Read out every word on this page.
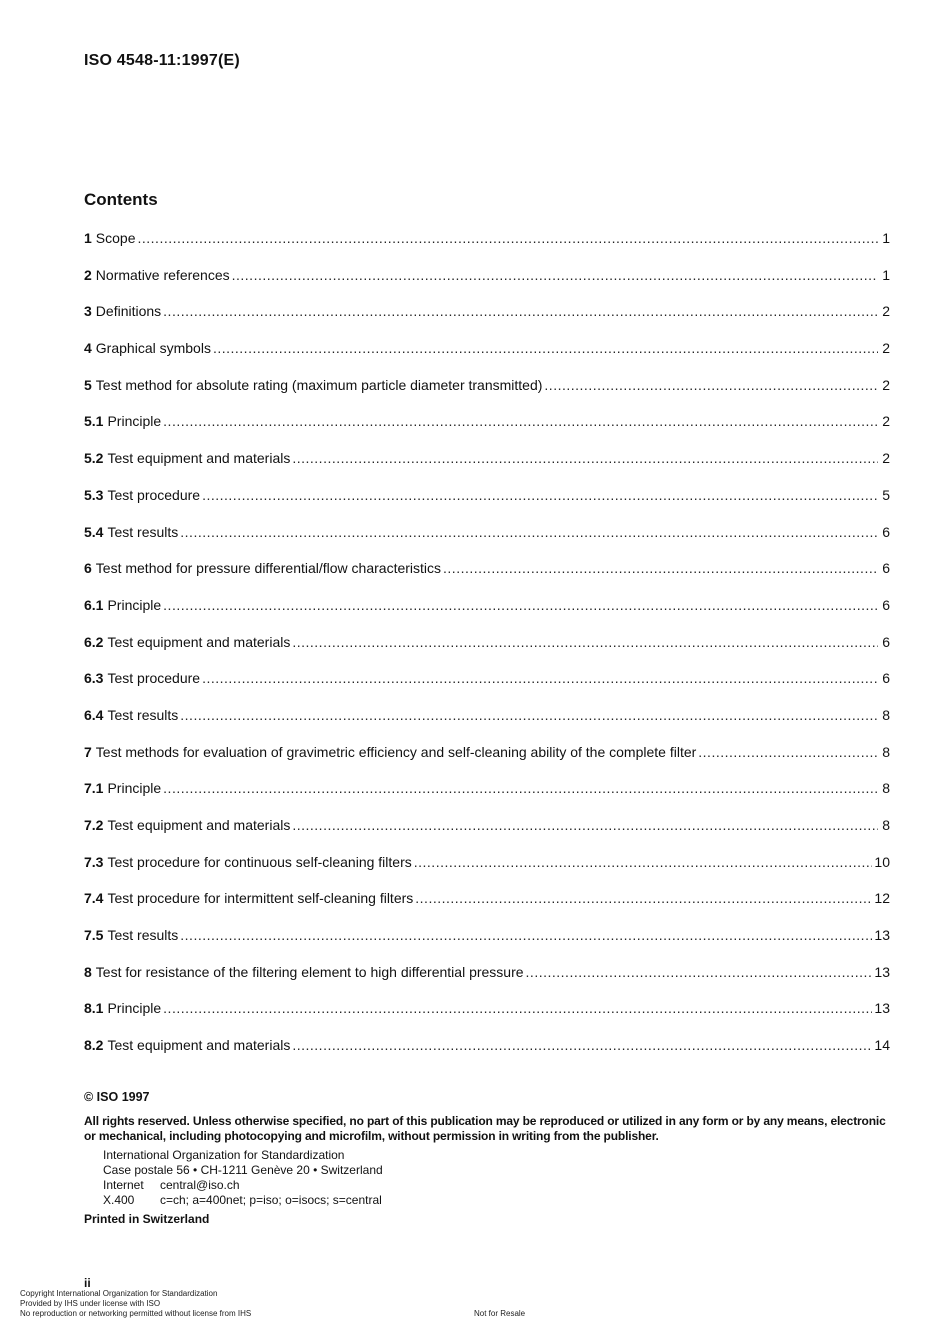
ISO 4548-11:1997(E)
Contents
1 Scope .....	1
2 Normative references .....	1
3 Definitions .....	2
4 Graphical symbols .....	2
5 Test method for absolute rating (maximum particle diameter transmitted) .....	2
5.1 Principle .....	2
5.2 Test equipment and materials .....	2
5.3 Test procedure .....	5
5.4 Test results .....	6
6 Test method for pressure differential/flow characteristics .....	6
6.1 Principle .....	6
6.2 Test equipment and materials .....	6
6.3 Test procedure .....	6
6.4 Test results .....	8
7 Test methods for evaluation of gravimetric efficiency and self-cleaning ability of the complete filter .....	8
7.1 Principle .....	8
7.2 Test equipment and materials .....	8
7.3 Test procedure for continuous self-cleaning filters .....	10
7.4 Test procedure for intermittent self-cleaning filters .....	12
7.5 Test results .....	13
8 Test for resistance of the filtering element to high differential pressure .....	13
8.1 Principle .....	13
8.2 Test equipment and materials .....	14
© ISO 1997
All rights reserved. Unless otherwise specified, no part of this publication may be reproduced or utilized in any form or by any means, electronic or mechanical, including photocopying and microfilm, without permission in writing from the publisher.
International Organization for Standardization
Case postale 56 • CH-1211 Genève 20 • Switzerland
Internet	central@iso.ch
X.400	c=ch; a=400net; p=iso; o=isocs; s=central
Printed in Switzerland
ii
Copyright International Organization for Standardization
Provided by IHS under license with ISO
No reproduction or networking permitted without license from IHS	Not for Resale
